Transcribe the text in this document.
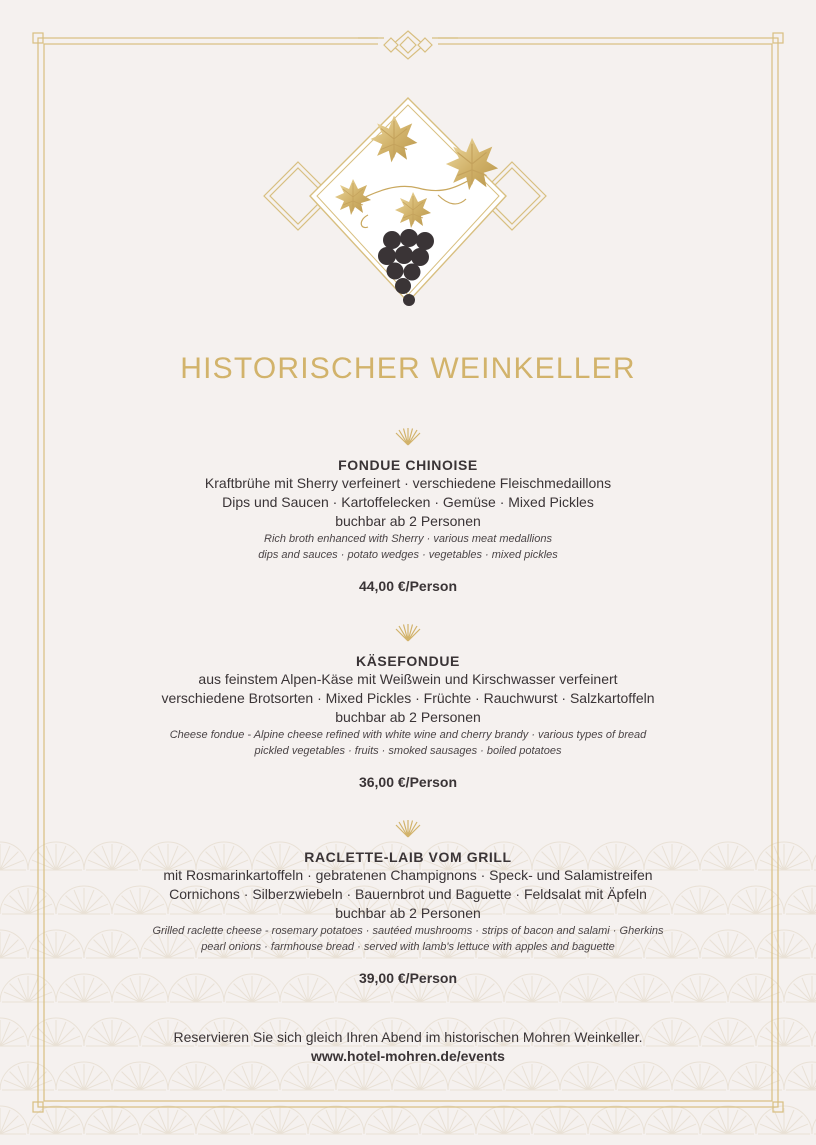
HISTORISCHER WEINKELLER
FONDUE CHINOISE
Kraftbrühe mit Sherry verfeinert · verschiedene Fleischmedaillons
Dips und Saucen · Kartoffelecken · Gemüse · Mixed Pickles
buchbar ab 2 Personen
Rich broth enhanced with Sherry · various meat medallions
dips and sauces · potato wedges · vegetables · mixed pickles
44,00 €/Person
KÄSEFONDUE
aus feinstem Alpen-Käse mit Weißwein und Kirschwasser verfeinert
verschiedene Brotsorten · Mixed Pickles · Früchte · Rauchwurst · Salzkartoffeln
buchbar ab 2 Personen
Cheese fondue - Alpine cheese refined with white wine and cherry brandy · various types of bread
pickled vegetables · fruits · smoked sausages · boiled potatoes
36,00 €/Person
RACLETTE-LAIB VOM GRILL
mit Rosmarinkartoffeln · gebratenen Champignons · Speck- und Salamistreifen
Cornichons · Silberzwiebeln · Bauernbrot und Baguette · Feldsalat mit Äpfeln
buchbar ab 2 Personen
Grilled raclette cheese - rosemary potatoes · sautéed mushrooms · strips of bacon and salami · Gherkins
pearl onions · farmhouse bread · served with lamb's lettuce with apples and baguette
39,00 €/Person
Reservieren Sie sich gleich Ihren Abend im historischen Mohren Weinkeller.
www.hotel-mohren.de/events
